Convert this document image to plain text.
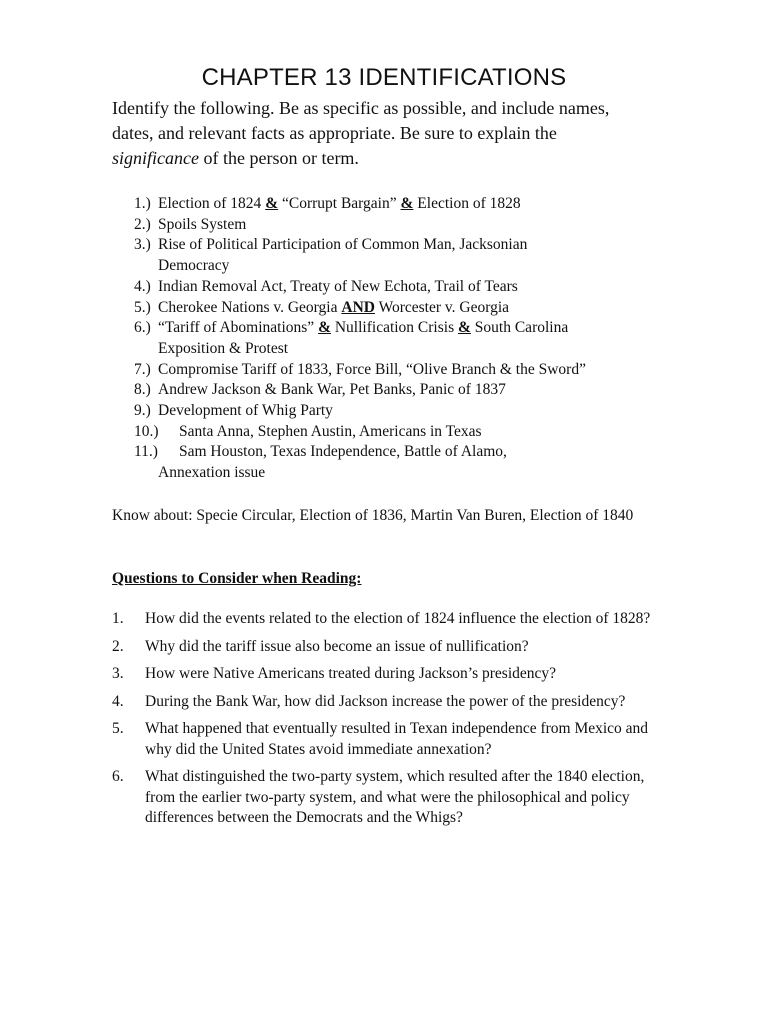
CHAPTER 13 IDENTIFICATIONS

Identify the following. Be as specific as possible, and include names, dates, and relevant facts as appropriate. Be sure to explain the significance of the person or term.

1.) Election of 1824 & “Corrupt Bargain” & Election of 1828
2.) Spoils System
3.) Rise of Political Participation of Common Man, Jacksonian
Democracy
4.) Indian Removal Act, Treaty of New Echota, Trail of Tears
5.) Cherokee Nations v. Georgia AND Worcester v. Georgia
6.) “Tariff of Abominations” & Nullification Crisis & South Carolina
Exposition & Protest
7.) Compromise Tariff of 1833, Force Bill, “Olive Branch & the Sword”
8.) Andrew Jackson & Bank War, Pet Banks, Panic of 1837
9.) Development of Whig Party
10.)	Santa Anna, Stephen Austin, Americans in Texas
11.)	Sam Houston, Texas Independence, Battle of Alamo,
Annexation issue

Know about: Specie Circular, Election of 1836, Martin Van Buren, Election of 1840

Questions to Consider when Reading:

1. How did the events related to the election of 1824 influence the election of 1828?
2. Why did the tariff issue also become an issue of nullification?
3. How were Native Americans treated during Jackson’s presidency?
4. During the Bank War, how did Jackson increase the power of the presidency?
5. What happened that eventually resulted in Texan independence from Mexico and why did the United States avoid immediate annexation?
6. What distinguished the two-party system, which resulted after the 1840 election, from the earlier two-party system, and what were the philosophical and policy differences between the Democrats and the Whigs?
